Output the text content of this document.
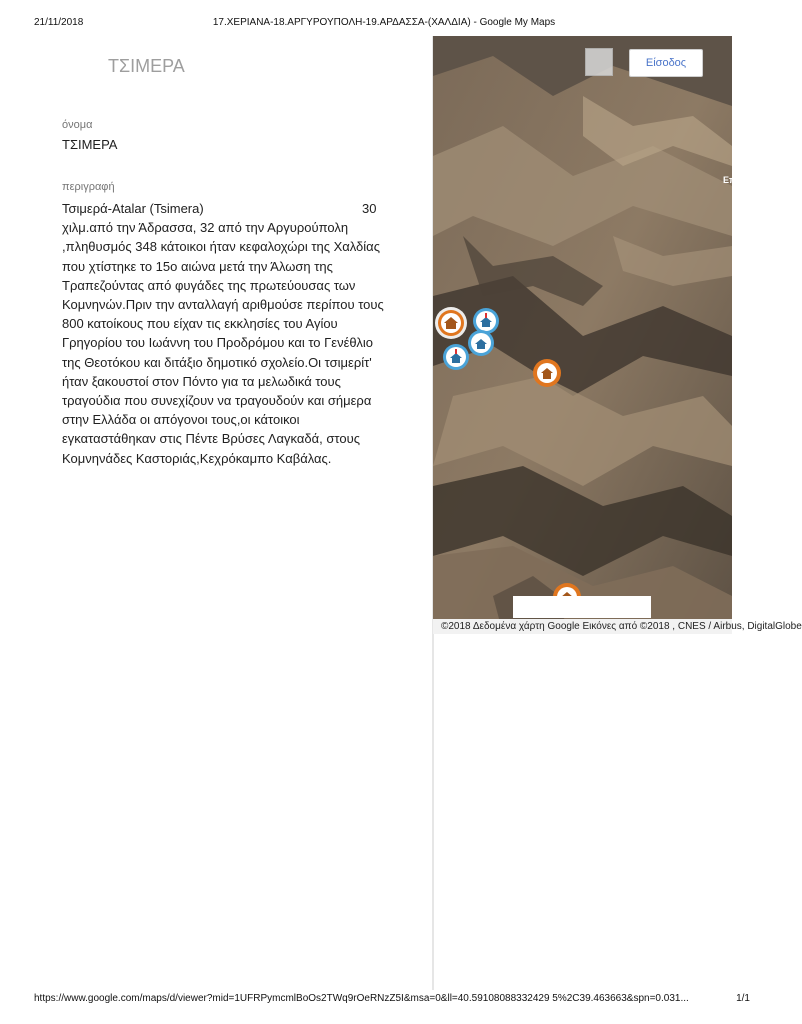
21/11/2018	17.ΧΕΡΙΑΝΑ-18.ΑΡΓΥΡΟΥΠΟΛΗ-19.ΑΡΔΑΣΣΑ-(ΧΑΛΔΙΑ) - Google My Maps
ΤΣΙΜΕΡΑ
όνομα
ΤΣΙΜΕΡΑ
περιγραφή
Τσιμερά-Atalar (Tsimera)	30
χιλμ.από την Άδρασσα, 32 από την Αργυρούπολη
,πληθυσμός 348 κάτοικοι ήταν κεφαλοχώρι της Χαλδίας
που χτίστηκε το 15ο αιώνα μετά την Άλωση της
Τραπεζούντας από φυγάδες της πρωτεύουσας των
Κομνηνών.Πριν την ανταλλαγή αριθμούσε περίπου τους
800 κατοίκους που είχαν τις εκκλησίες του Αγίου
Γρηγορίου του Ιωάννη του Προδρόμου και το Γενέθλιο
της Θεοτόκου και διτάξιο δημοτικό σχολείο.Οι τσιμερίτ'
ήταν ξακουστοί στον Πόντο για τα μελωδικά τους
τραγούδια που συνεχίζουν να τραγουδούν και σήμερα
στην Ελλάδα οι απόγονοι τους,οι κάτοικοι
εγκαταστάθηκαν στις Πέντε Βρύσες Λαγκαδά, στους
Κομνηνάδες Καστοριάς,Κεχρόκαμπο Καβάλας.
Είσοδος
Επ
©2018 Δεδομένα χάρτη Google Εικόνες από ©2018 , CNES / Airbus, DigitalGlobe
https://www.google.com/maps/d/viewer?mid=1UFRPymcmlBoOs2TWq9rOeRNzZ5I&msa=0&ll=40.59108088332429 5%2C39.463663&spn=0.031...	1/1
